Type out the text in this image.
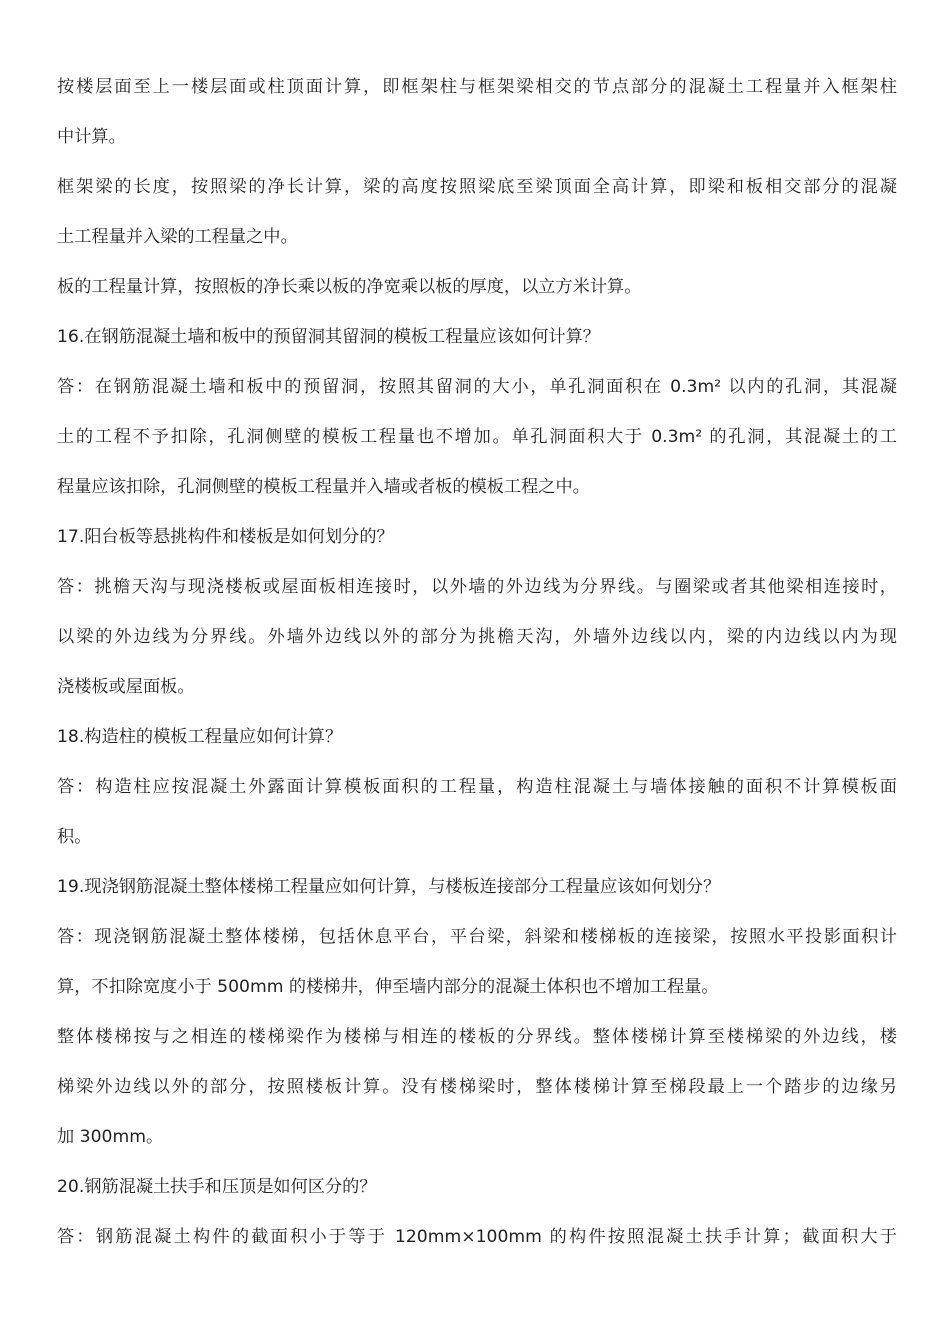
按楼层面至上一楼层面或柱顶面计算，即框架柱与框架梁相交的节点部分的混凝土工程量并入框架柱

中计算。

框架梁的长度，按照梁的净长计算，梁的高度按照梁底至梁顶面全高计算，即梁和板相交部分的混凝

土工程量并入梁的工程量之中。

板的工程量计算，按照板的净长乘以板的净宽乘以板的厚度，以立方米计算。

16.在钢筋混凝土墙和板中的预留洞其留洞的模板工程量应该如何计算？

答：在钢筋混凝土墙和板中的预留洞，按照其留洞的大小，单孔洞面积在 0.3m² 以内的孔洞，其混凝

土的工程不予扣除，孔洞侧壁的模板工程量也不增加。单孔洞面积大于 0.3m² 的孔洞，其混凝土的工

程量应该扣除，孔洞侧壁的模板工程量并入墙或者板的模板工程之中。

17.阳台板等悬挑构件和楼板是如何划分的？

答：挑檐天沟与现浇楼板或屋面板相连接时，以外墙的外边线为分界线。与圈梁或者其他梁相连接时，

以梁的外边线为分界线。外墙外边线以外的部分为挑檐天沟，外墙外边线以内，梁的内边线以内为现

浇楼板或屋面板。

18.构造柱的模板工程量应如何计算？

答：构造柱应按混凝土外露面计算模板面积的工程量，构造柱混凝土与墙体接触的面积不计算模板面

积。

19.现浇钢筋混凝土整体楼梯工程量应如何计算，与楼板连接部分工程量应该如何划分？

答：现浇钢筋混凝土整体楼梯，包括休息平台，平台梁，斜梁和楼梯板的连接梁，按照水平投影面积计

算，不扣除宽度小于 500mm 的楼梯井，伸至墙内部分的混凝土体积也不增加工程量。

整体楼梯按与之相连的楼梯梁作为楼梯与相连的楼板的分界线。整体楼梯计算至楼梯梁的外边线，楼

梯梁外边线以外的部分，按照楼板计算。没有楼梯梁时，整体楼梯计算至梯段最上一个踏步的边缘另

加 300mm。

20.钢筋混凝土扶手和压顶是如何区分的？

答：钢筋混凝土构件的截面积小于等于 120mm×100mm 的构件按照混凝土扶手计算；截面积大于
